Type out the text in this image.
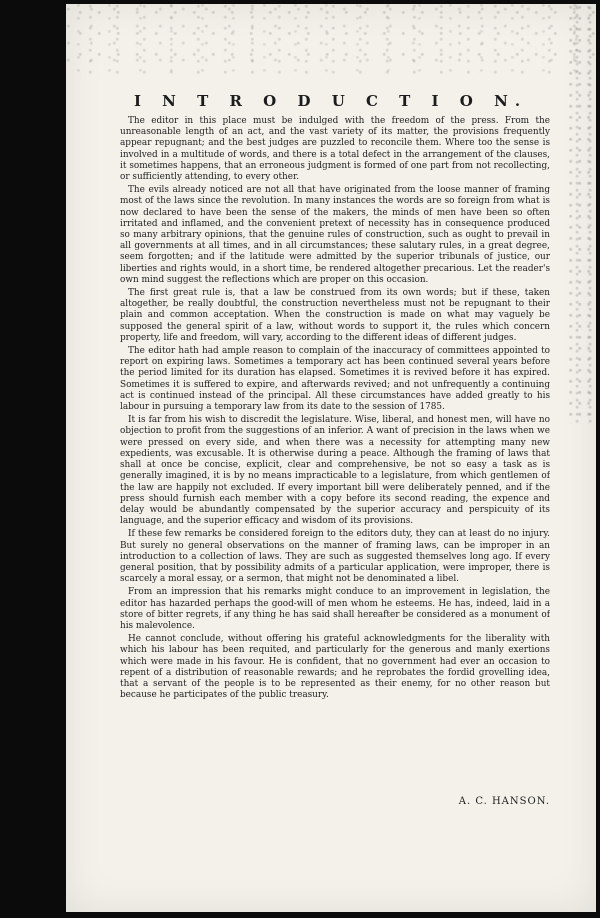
I N T R O D U C T I O N.

The editor in this place must be indulged with the freedom of the press. From the unreasonable length of an act, and the vast variety of its matter, the provisions frequently appear repugnant; and the best judges are puzzled to reconcile them. Where too the sense is involved in a multitude of words, and there is a total defect in the arrangement of the clauses, it sometimes happens, that an erroneous judgment is formed of one part from not recollecting, or sufficiently attending, to every other.

The evils already noticed are not all that have originated from the loose manner of framing most of the laws since the revolution. In many instances the words are so foreign from what is now declared to have been the sense of the makers, the minds of men have been so often irritated and inflamed, and the convenient pretext of necessity has in consequence produced so many arbitrary opinions, that the genuine rules of construction, such as ought to prevail in all governments at all times, and in all circumstances; these salutary rules, in a great degree, seem forgotten; and if the latitude were admitted by the superior tribunals of justice, our liberties and rights would, in a short time, be rendered altogether precarious. Let the reader's own mind suggest the reflections which are proper on this occasion.

The first great rule is, that a law be construed from its own words; but if these, taken altogether, be really doubtful, the construction nevertheless must not be repugnant to their plain and common acceptation. When the construction is made on what may vaguely be supposed the general spirit of a law, without words to support it, the rules which concern property, life and freedom, will vary, according to the different ideas of different judges.

The editor hath had ample reason to complain of the inaccuracy of committees appointed to report on expiring laws. Sometimes a temporary act has been continued several years before the period limited for its duration has elapsed. Sometimes it is revived before it has expired. Sometimes it is suffered to expire, and afterwards revived; and not unfrequently a continuing act is continued instead of the principal. All these circumstances have added greatly to his labour in pursuing a temporary law from its date to the session of 1785.

It is far from his wish to discredit the legislature. Wise, liberal, and honest men, will have no objection to profit from the suggestions of an inferior. A want of precision in the laws when we were pressed on every side, and when there was a necessity for attempting many new expedients, was excusable. It is otherwise during a peace. Although the framing of laws that shall at once be concise, explicit, clear and comprehensive, be not so easy a task as is generally imagined, it is by no means impracticable to a legislature, from which gentlemen of the law are happily not excluded. If every important bill were deliberately penned, and if the press should furnish each member with a copy before its second reading, the expence and delay would be abundantly compensated by the superior accuracy and perspicuity of its language, and the superior efficacy and wisdom of its provisions.

If these few remarks be considered foreign to the editors duty, they can at least do no injury. But surely no general observations on the manner of framing laws, can be improper in an introduction to a collection of laws. They are such as suggested themselves long ago. If every general position, that by possibility admits of a particular application, were improper, there is scarcely a moral essay, or a sermon, that might not be denominated a libel.

From an impression that his remarks might conduce to an improvement in legislation, the editor has hazarded perhaps the good-will of men whom he esteems. He has, indeed, laid in a store of bitter regrets, if any thing he has said shall hereafter be considered as a monument of his malevolence.

He cannot conclude, without offering his grateful acknowledgments for the liberality with which his labour has been requited, and particularly for the generous and manly exertions which were made in his favour. He is confident, that no government had ever an occasion to repent of a distribution of reasonable rewards; and he reprobates the fordid grovelling idea, that a servant of the people is to be represented as their enemy, for no other reason but because he participates of the public treasury.

A. C. HANSON.
